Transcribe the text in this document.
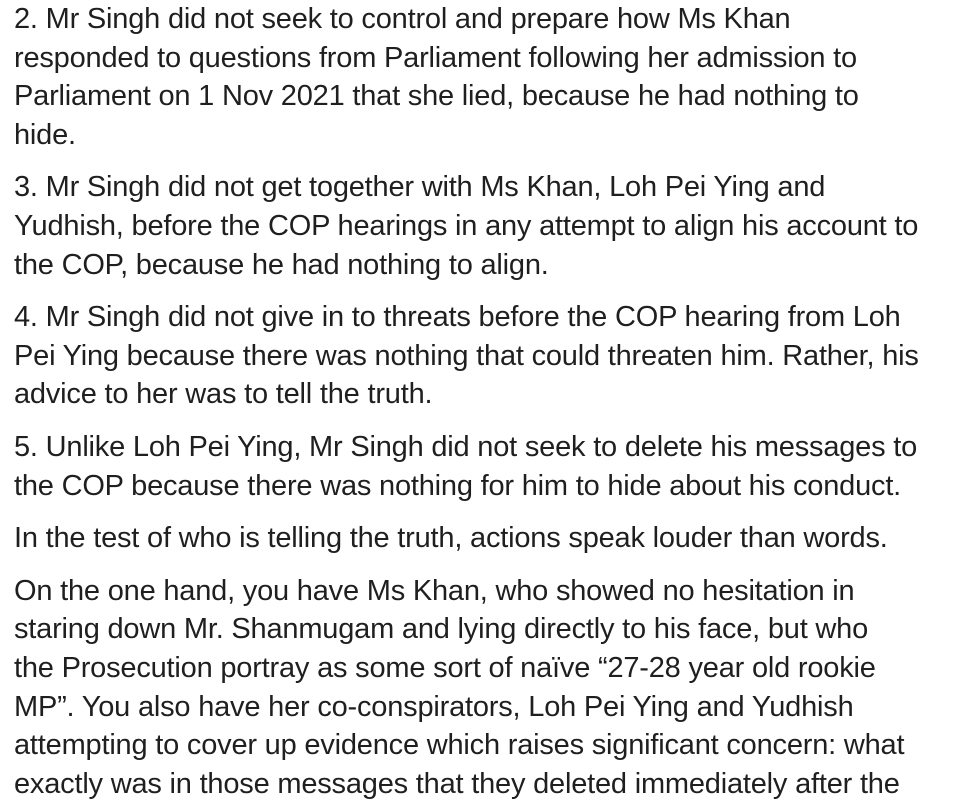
2. Mr Singh did not seek to control and prepare how Ms Khan
responded to questions from Parliament following her admission to
Parliament on 1 Nov 2021 that she lied, because he had nothing to
hide.

3. Mr Singh did not get together with Ms Khan, Loh Pei Ying and
Yudhish, before the COP hearings in any attempt to align his account to
the COP, because he had nothing to align.

4. Mr Singh did not give in to threats before the COP hearing from Loh
Pei Ying because there was nothing that could threaten him. Rather, his
advice to her was to tell the truth.

5. Unlike Loh Pei Ying, Mr Singh did not seek to delete his messages to
the COP because there was nothing for him to hide about his conduct.

In the test of who is telling the truth, actions speak louder than words.

On the one hand, you have Ms Khan, who showed no hesitation in
staring down Mr. Shanmugam and lying directly to his face, but who
the Prosecution portray as some sort of naïve “27-28 year old rookie
MP”. You also have her co-conspirators, Loh Pei Ying and Yudhish
attempting to cover up evidence which raises significant concern: what
exactly was in those messages that they deleted immediately after the
